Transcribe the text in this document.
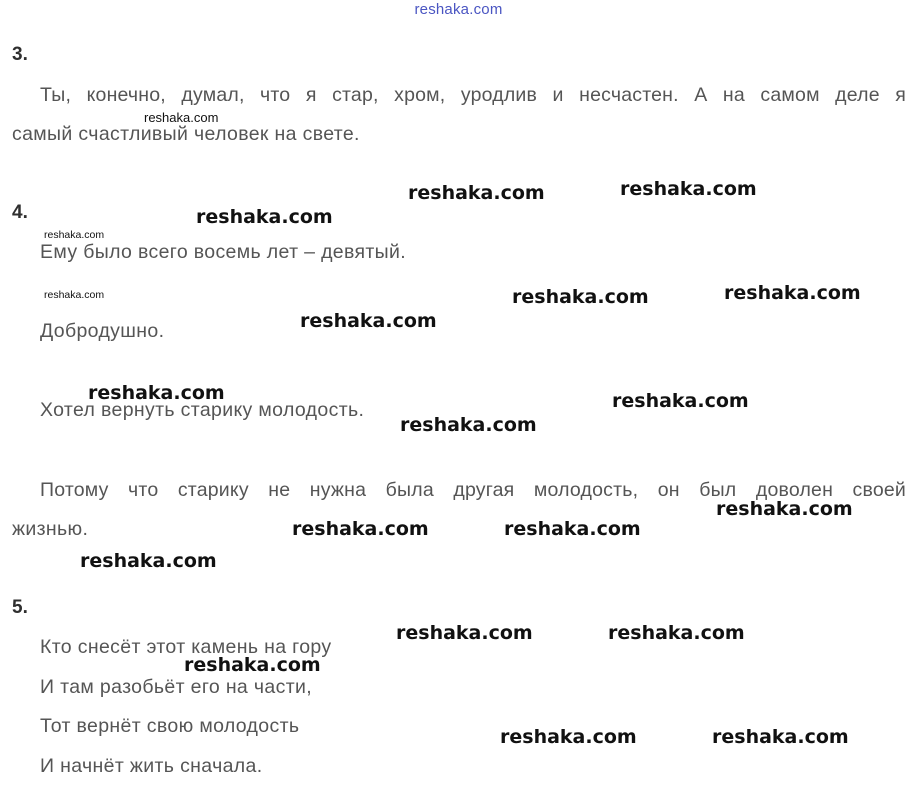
reshaka.com
3.
Ты, конечно, думал, что я стар, хром, уродлив и несчастен. А на самом деле я
самый счастливый человек на свете.
4.
Ему было всего восемь лет – девятый.
Добродушно.
Хотел вернуть старику молодость.
Потому что старику не нужна была другая молодость, он был доволен своей
жизнью.
5.
Кто снесёт этот камень на гору
И там разобьёт его на части,
Тот вернёт свою молодость
И начнёт жить сначала.
reshaka.com
reshaka.com	reshaka.com
reshaka.com
reshaka.com
reshaka.com	reshaka.com	reshaka.com
reshaka.com
reshaka.com	reshaka.com
reshaka.com
reshaka.com
reshaka.com	reshaka.com
reshaka.com
reshaka.com	reshaka.com
reshaka.com
reshaka.com	reshaka.com
